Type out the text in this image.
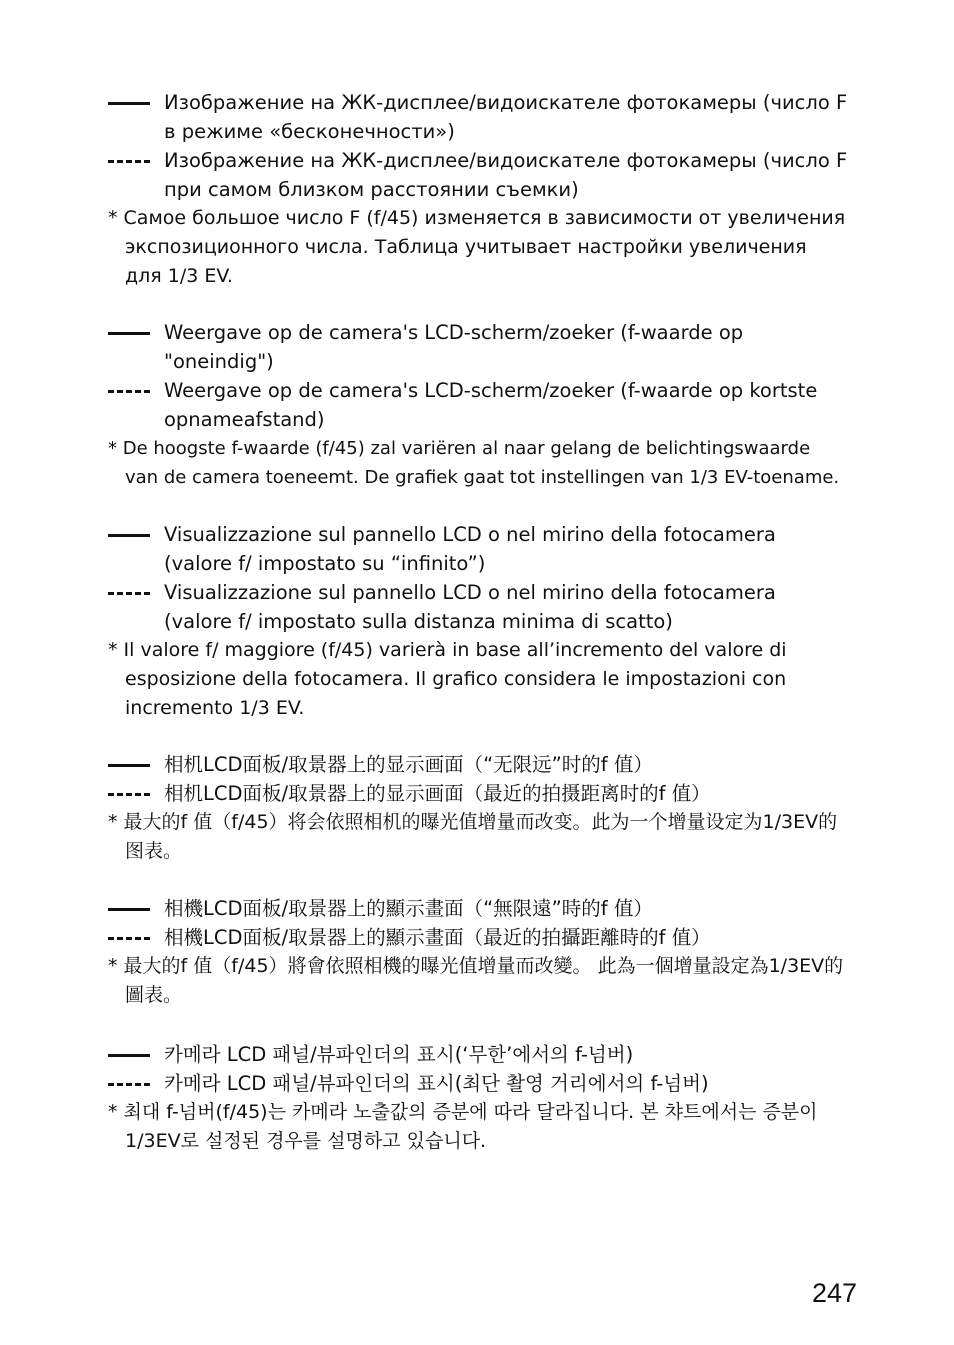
Изображение на ЖК-дисплее/видоискателе фотокамеры (число F в режиме «бесконечности»)
Изображение на ЖК-дисплее/видоискателе фотокамеры (число F при самом близком расстоянии съемки)
* Самое большое число F (f/45) изменяется в зависимости от увеличения экспозиционного числа. Таблица учитывает настройки увеличения для 1/3 EV.
Weergave op de camera's LCD-scherm/zoeker (f-waarde op "oneindig")
Weergave op de camera's LCD-scherm/zoeker (f-waarde op kortste opnameafstand)
* De hoogste f-waarde (f/45) zal variëren al naar gelang de belichtingswaarde van de camera toeneemt. De grafiek gaat tot instellingen van 1/3 EV-toename.
Visualizzazione sul pannello LCD o nel mirino della fotocamera (valore f/ impostato su “infinito”)
Visualizzazione sul pannello LCD o nel mirino della fotocamera (valore f/ impostato sulla distanza minima di scatto)
* Il valore f/ maggiore (f/45) varierà in base all’incremento del valore di esposizione della fotocamera. Il grafico considera le impostazioni con incremento 1/3 EV.
相机LCD面板/取景器上的显示画面（“无限远”时的f 值）
相机LCD面板/取景器上的显示画面（最近的拍摄距离时的f 值）
* 最大的f 值（f/45）将会依照相机的曝光值增量而改变。此为一个增量设定为1/3EV的图表。
相機LCD面板/取景器上的顯示畫面（“無限遠”時的f 值）
相機LCD面板/取景器上的顯示畫面（最近的拍攝距離時的f 值）
* 最大的f 值（f/45）將會依照相機的曝光值增量而改變。 此為一個增量設定為1/3EV的圖表。
카메라 LCD 패널/뷰파인더의 표시(‘무한’에서의 f-넘버)
카메라 LCD 패널/뷰파인더의 표시(최단 촬영 거리에서의 f-넘버)
* 최대 f-넘버(f/45)는 카메라 노출값의 증분에 따라 달라집니다. 본 챠트에서는 증분이 1/3EV로 설정된 경우를 설명하고 있습니다.
247
